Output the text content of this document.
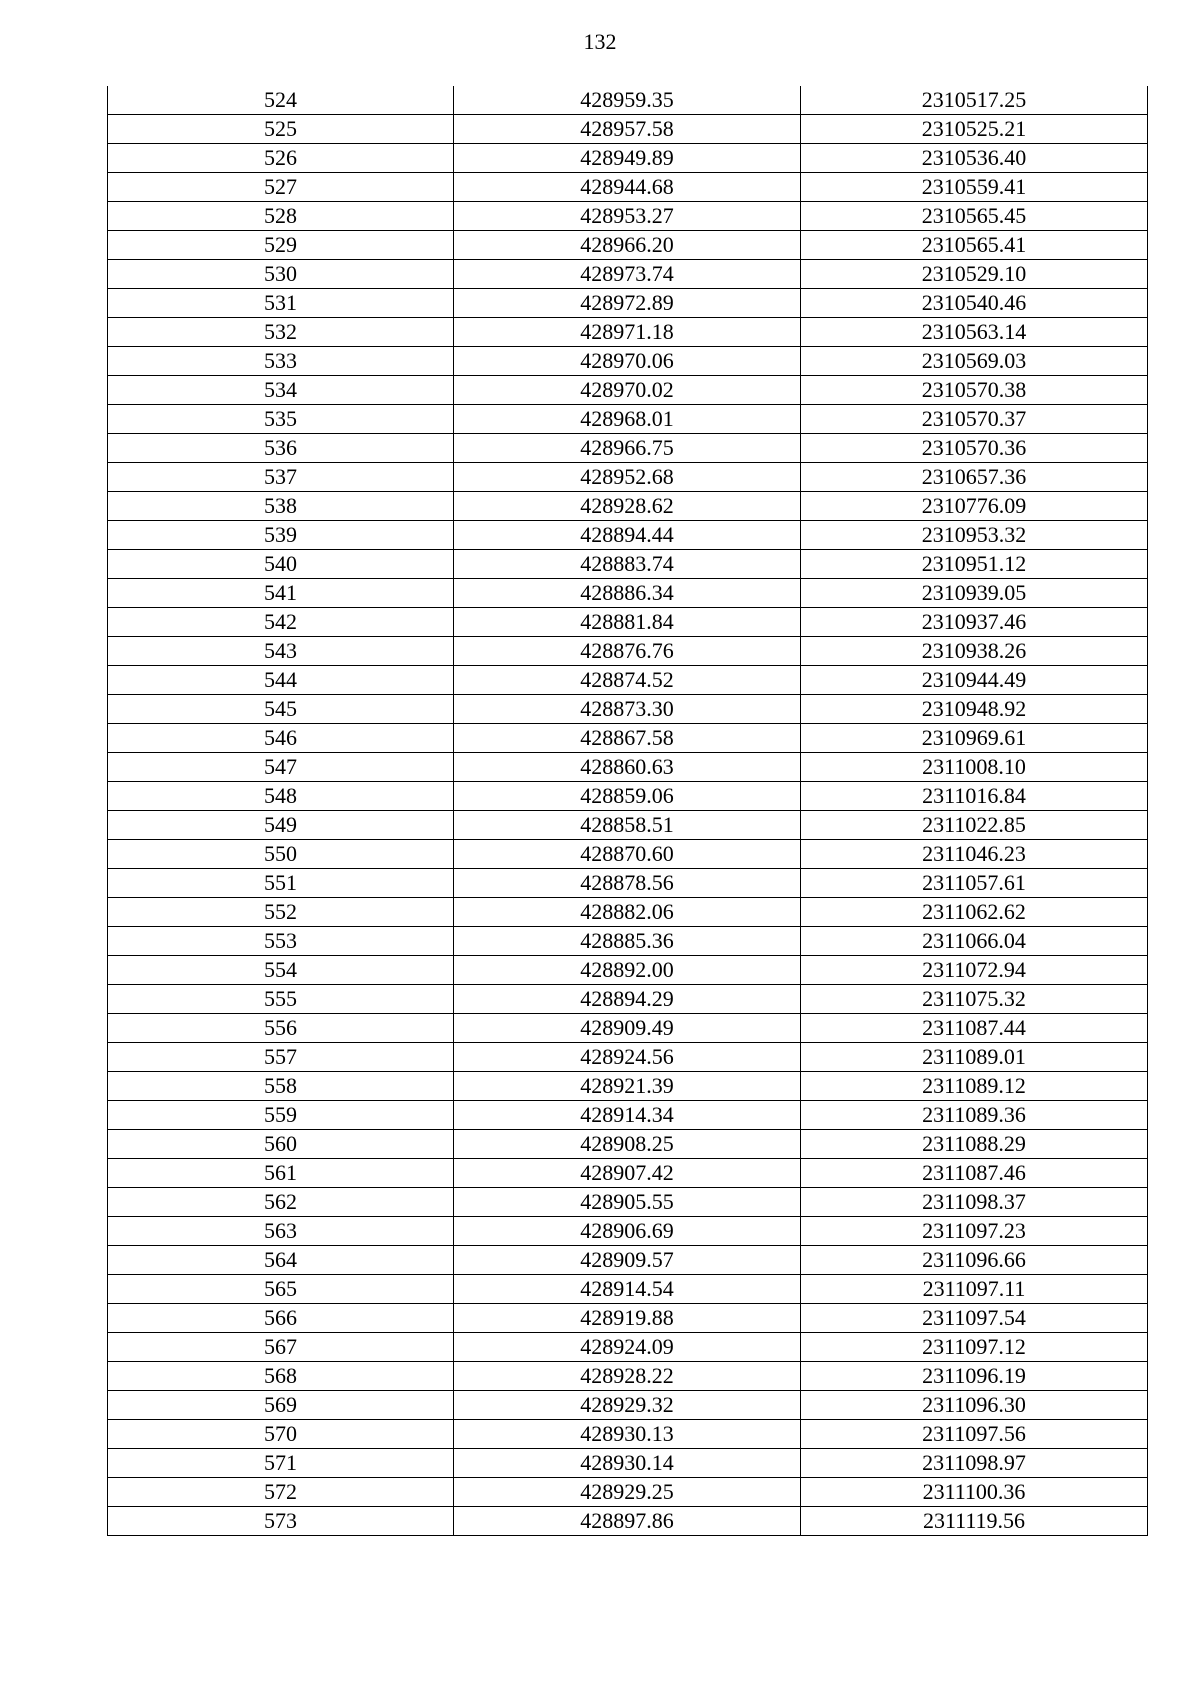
132
524	428959.35	2310517.25
525	428957.58	2310525.21
526	428949.89	2310536.40
527	428944.68	2310559.41
528	428953.27	2310565.45
529	428966.20	2310565.41
530	428973.74	2310529.10
531	428972.89	2310540.46
532	428971.18	2310563.14
533	428970.06	2310569.03
534	428970.02	2310570.38
535	428968.01	2310570.37
536	428966.75	2310570.36
537	428952.68	2310657.36
538	428928.62	2310776.09
539	428894.44	2310953.32
540	428883.74	2310951.12
541	428886.34	2310939.05
542	428881.84	2310937.46
543	428876.76	2310938.26
544	428874.52	2310944.49
545	428873.30	2310948.92
546	428867.58	2310969.61
547	428860.63	2311008.10
548	428859.06	2311016.84
549	428858.51	2311022.85
550	428870.60	2311046.23
551	428878.56	2311057.61
552	428882.06	2311062.62
553	428885.36	2311066.04
554	428892.00	2311072.94
555	428894.29	2311075.32
556	428909.49	2311087.44
557	428924.56	2311089.01
558	428921.39	2311089.12
559	428914.34	2311089.36
560	428908.25	2311088.29
561	428907.42	2311087.46
562	428905.55	2311098.37
563	428906.69	2311097.23
564	428909.57	2311096.66
565	428914.54	2311097.11
566	428919.88	2311097.54
567	428924.09	2311097.12
568	428928.22	2311096.19
569	428929.32	2311096.30
570	428930.13	2311097.56
571	428930.14	2311098.97
572	428929.25	2311100.36
573	428897.86	2311119.56
